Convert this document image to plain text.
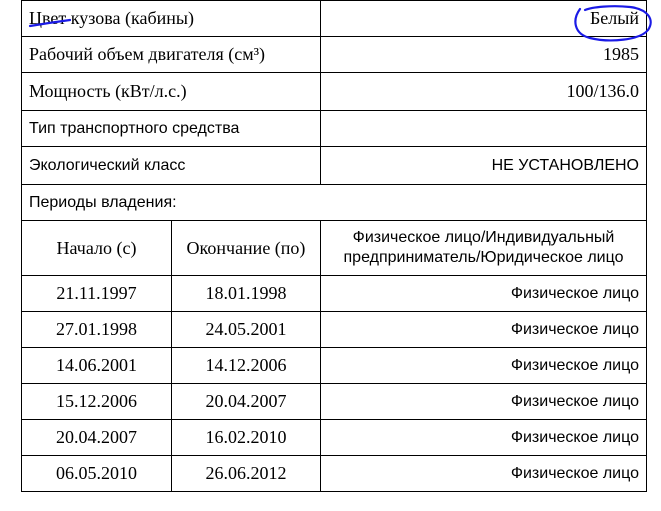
Цвет кузова (кабины)		Белый
Рабочий объем двигателя (см³)		1985
Мощность (кВт/л.с.)		100/136.0
Тип транспортного средства		
Экологический класс		НЕ УСТАНОВЛЕНО
Периоды владения:		
Начало (с)	Окончание (по)	Физическое лицо/Индивидуальный предприниматель/Юридическое лицо
21.11.1997	18.01.1998	Физическое лицо
27.01.1998	24.05.2001	Физическое лицо
14.06.2001	14.12.2006	Физическое лицо
15.12.2006	20.04.2007	Физическое лицо
20.04.2007	16.02.2010	Физическое лицо
06.05.2010	26.06.2012	Физическое лицо
